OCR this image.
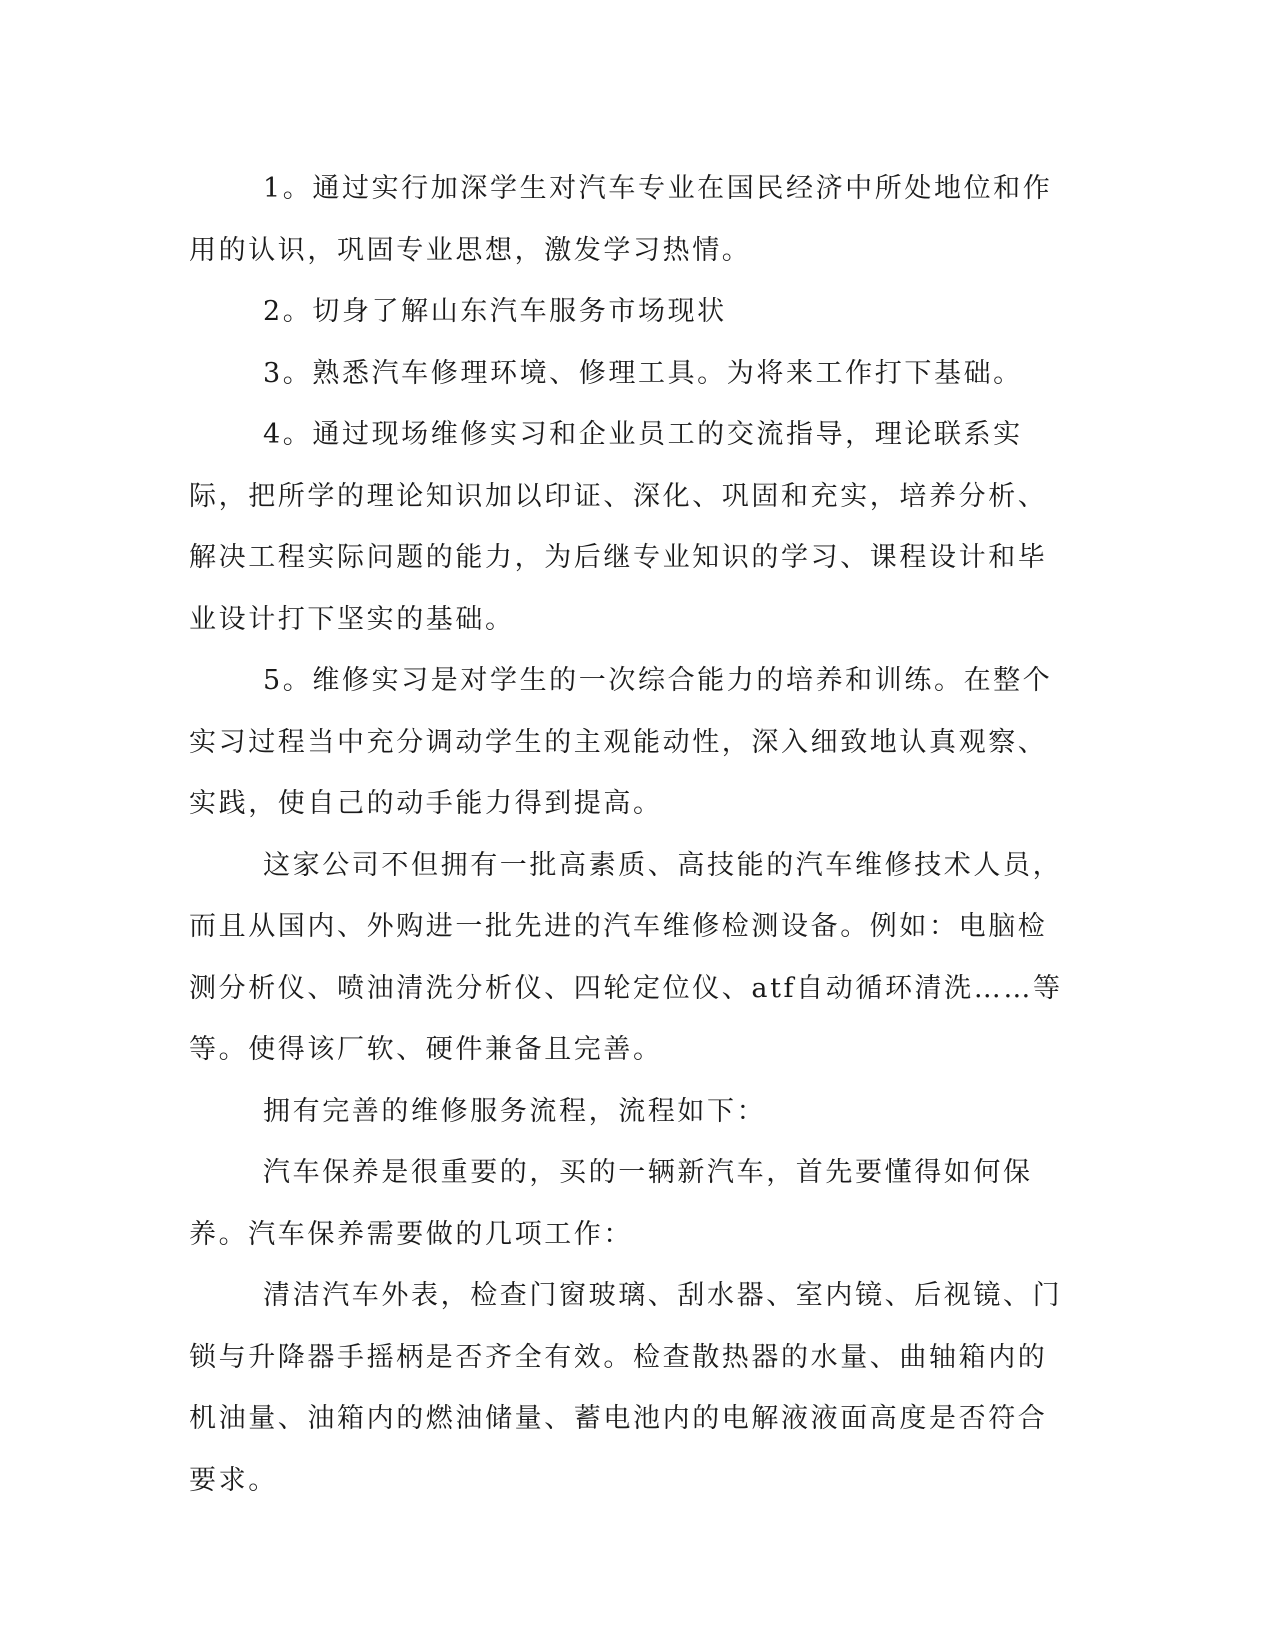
1。通过实行加深学生对汽车专业在国民经济中所处地位和作用的认识，巩固专业思想，激发学习热情。

2。切身了解山东汽车服务市场现状

3。熟悉汽车修理环境、修理工具。为将来工作打下基础。

4。通过现场维修实习和企业员工的交流指导，理论联系实际，把所学的理论知识加以印证、深化、巩固和充实，培养分析、解决工程实际问题的能力，为后继专业知识的学习、课程设计和毕业设计打下坚实的基础。

5。维修实习是对学生的一次综合能力的培养和训练。在整个实习过程当中充分调动学生的主观能动性，深入细致地认真观察、实践，使自己的动手能力得到提高。

这家公司不但拥有一批高素质、高技能的汽车维修技术人员，而且从国内、外购进一批先进的汽车维修检测设备。例如：电脑检测分析仪、喷油清洗分析仪、四轮定位仪、atf自动循环清洗……等等。使得该厂软、硬件兼备且完善。

拥有完善的维修服务流程，流程如下：

汽车保养是很重要的，买的一辆新汽车，首先要懂得如何保养。汽车保养需要做的几项工作：

清洁汽车外表，检查门窗玻璃、刮水器、室内镜、后视镜、门锁与升降器手摇柄是否齐全有效。检查散热器的水量、曲轴箱内的机油量、油箱内的燃油储量、蓄电池内的电解液液面高度是否符合要求。
